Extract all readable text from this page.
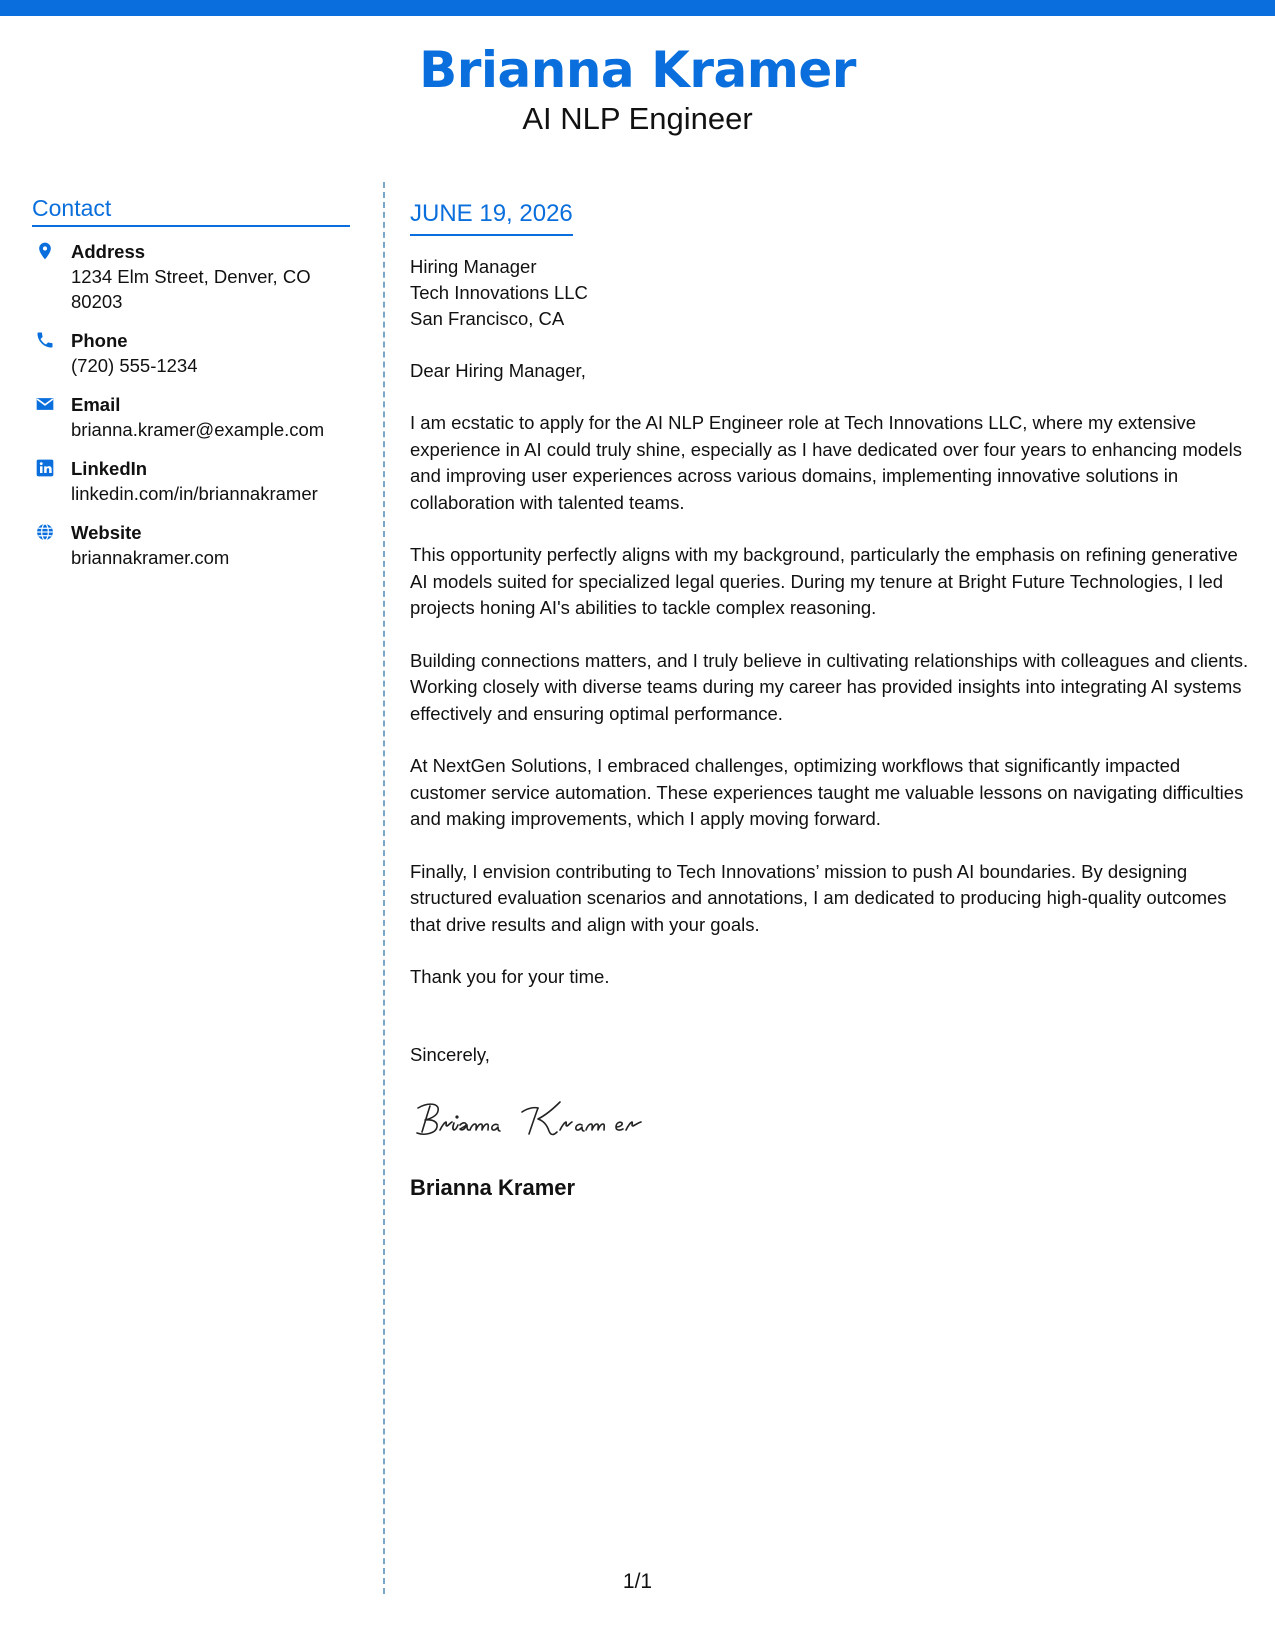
Brianna Kramer
AI NLP Engineer
Contact
Address
1234 Elm Street, Denver, CO 80203
Phone
(720) 555-1234
Email
brianna.kramer@example.com
LinkedIn
linkedin.com/in/briannakramer
Website
briannakramer.com
JUNE 19, 2026
Hiring Manager
Tech Innovations LLC
San Francisco, CA
Dear Hiring Manager,
I am ecstatic to apply for the AI NLP Engineer role at Tech Innovations LLC, where my extensive experience in AI could truly shine, especially as I have dedicated over four years to enhancing models and improving user experiences across various domains, implementing innovative solutions in collaboration with talented teams.
This opportunity perfectly aligns with my background, particularly the emphasis on refining generative AI models suited for specialized legal queries. During my tenure at Bright Future Technologies, I led projects honing AI's abilities to tackle complex reasoning.
Building connections matters, and I truly believe in cultivating relationships with colleagues and clients. Working closely with diverse teams during my career has provided insights into integrating AI systems effectively and ensuring optimal performance.
At NextGen Solutions, I embraced challenges, optimizing workflows that significantly impacted customer service automation. These experiences taught me valuable lessons on navigating difficulties and making improvements, which I apply moving forward.
Finally, I envision contributing to Tech Innovations’ mission to push AI boundaries. By designing structured evaluation scenarios and annotations, I am dedicated to producing high-quality outcomes that drive results and align with your goals.
Thank you for your time.
Sincerely,
Brianna Kramer
1/1
